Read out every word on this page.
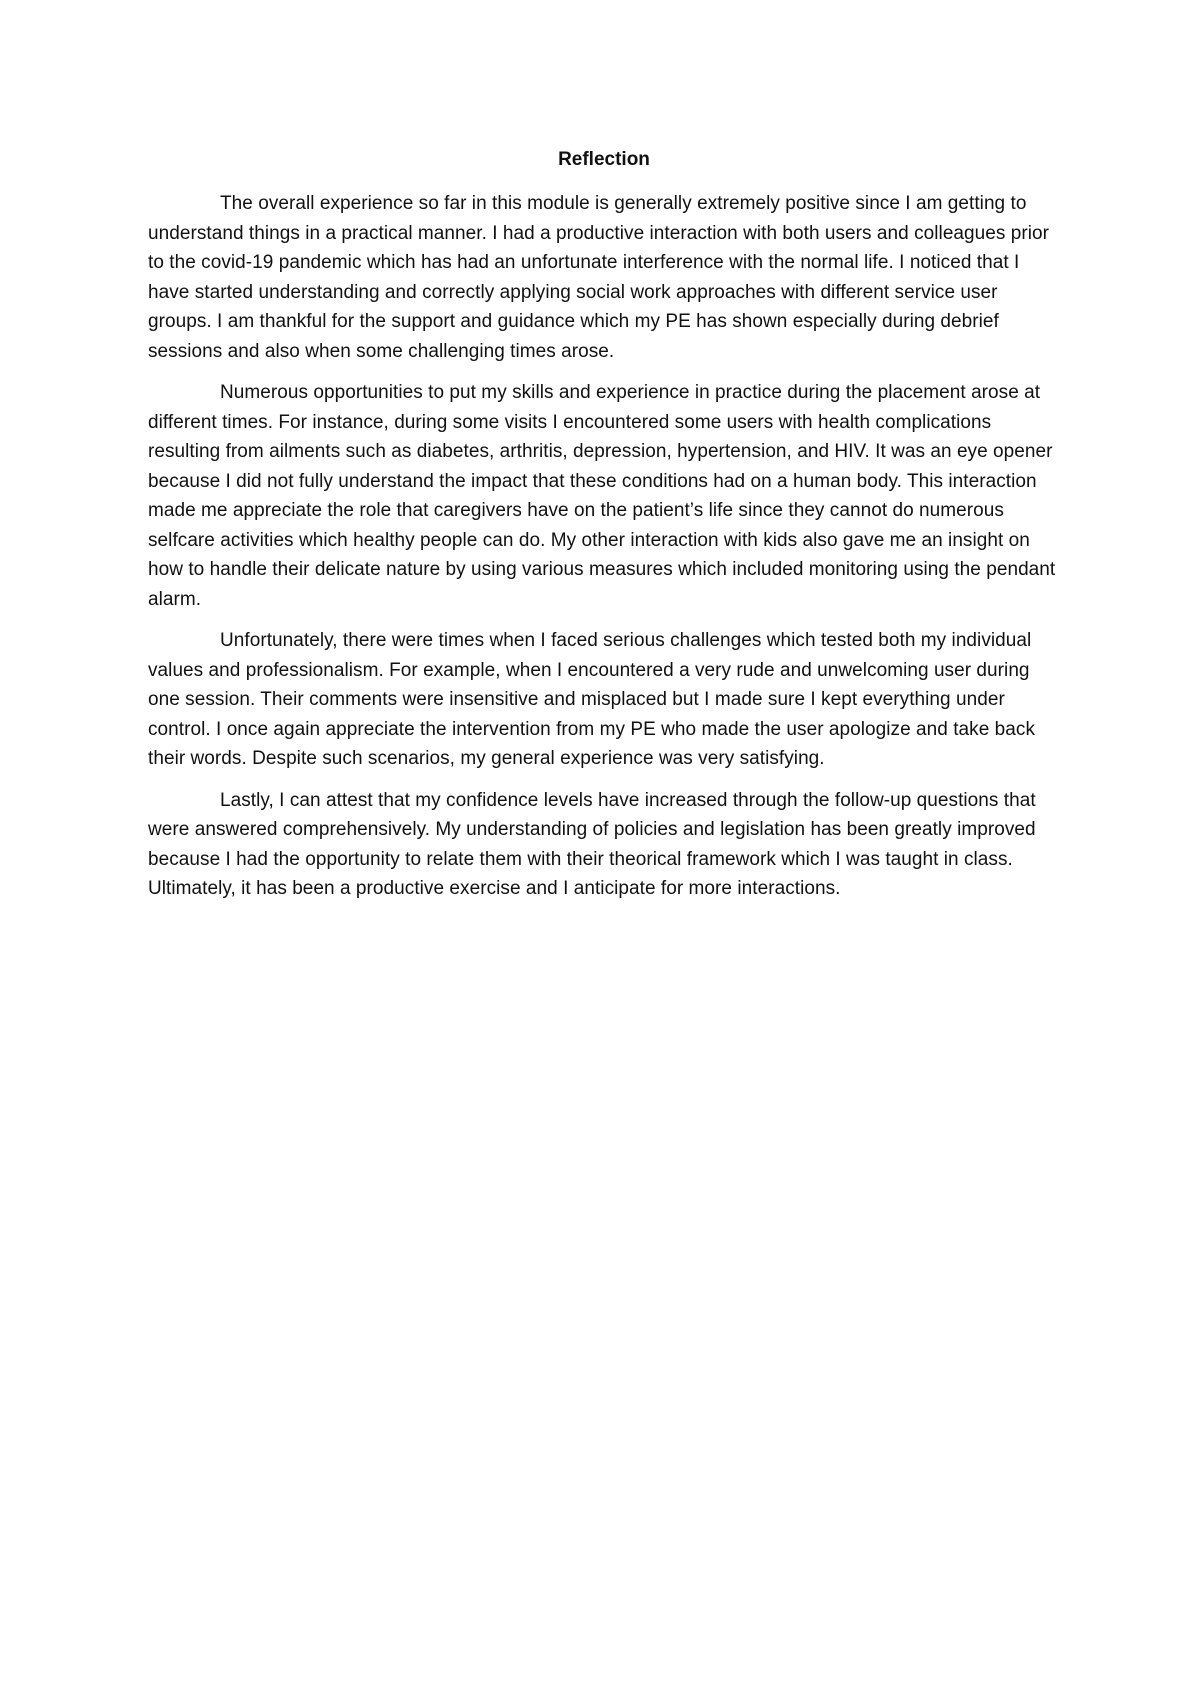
Reflection

The overall experience so far in this module is generally extremely positive since I am getting to understand things in a practical manner. I had a productive interaction with both users and colleagues prior to the covid-19 pandemic which has had an unfortunate interference with the normal life. I noticed that I have started understanding and correctly applying social work approaches with different service user groups. I am thankful for the support and guidance which my PE has shown especially during debrief sessions and also when some challenging times arose.

Numerous opportunities to put my skills and experience in practice during the placement arose at different times. For instance, during some visits I encountered some users with health complications resulting from ailments such as diabetes, arthritis, depression, hypertension, and HIV. It was an eye opener because I did not fully understand the impact that these conditions had on a human body. This interaction made me appreciate the role that caregivers have on the patient’s life since they cannot do numerous selfcare activities which healthy people can do. My other interaction with kids also gave me an insight on how to handle their delicate nature by using various measures which included monitoring using the pendant alarm.

Unfortunately, there were times when I faced serious challenges which tested both my individual values and professionalism. For example, when I encountered a very rude and unwelcoming user during one session. Their comments were insensitive and misplaced but I made sure I kept everything under control. I once again appreciate the intervention from my PE who made the user apologize and take back their words. Despite such scenarios, my general experience was very satisfying.

Lastly, I can attest that my confidence levels have increased through the follow-up questions that were answered comprehensively. My understanding of policies and legislation has been greatly improved because I had the opportunity to relate them with their theorical framework which I was taught in class. Ultimately, it has been a productive exercise and I anticipate for more interactions.
